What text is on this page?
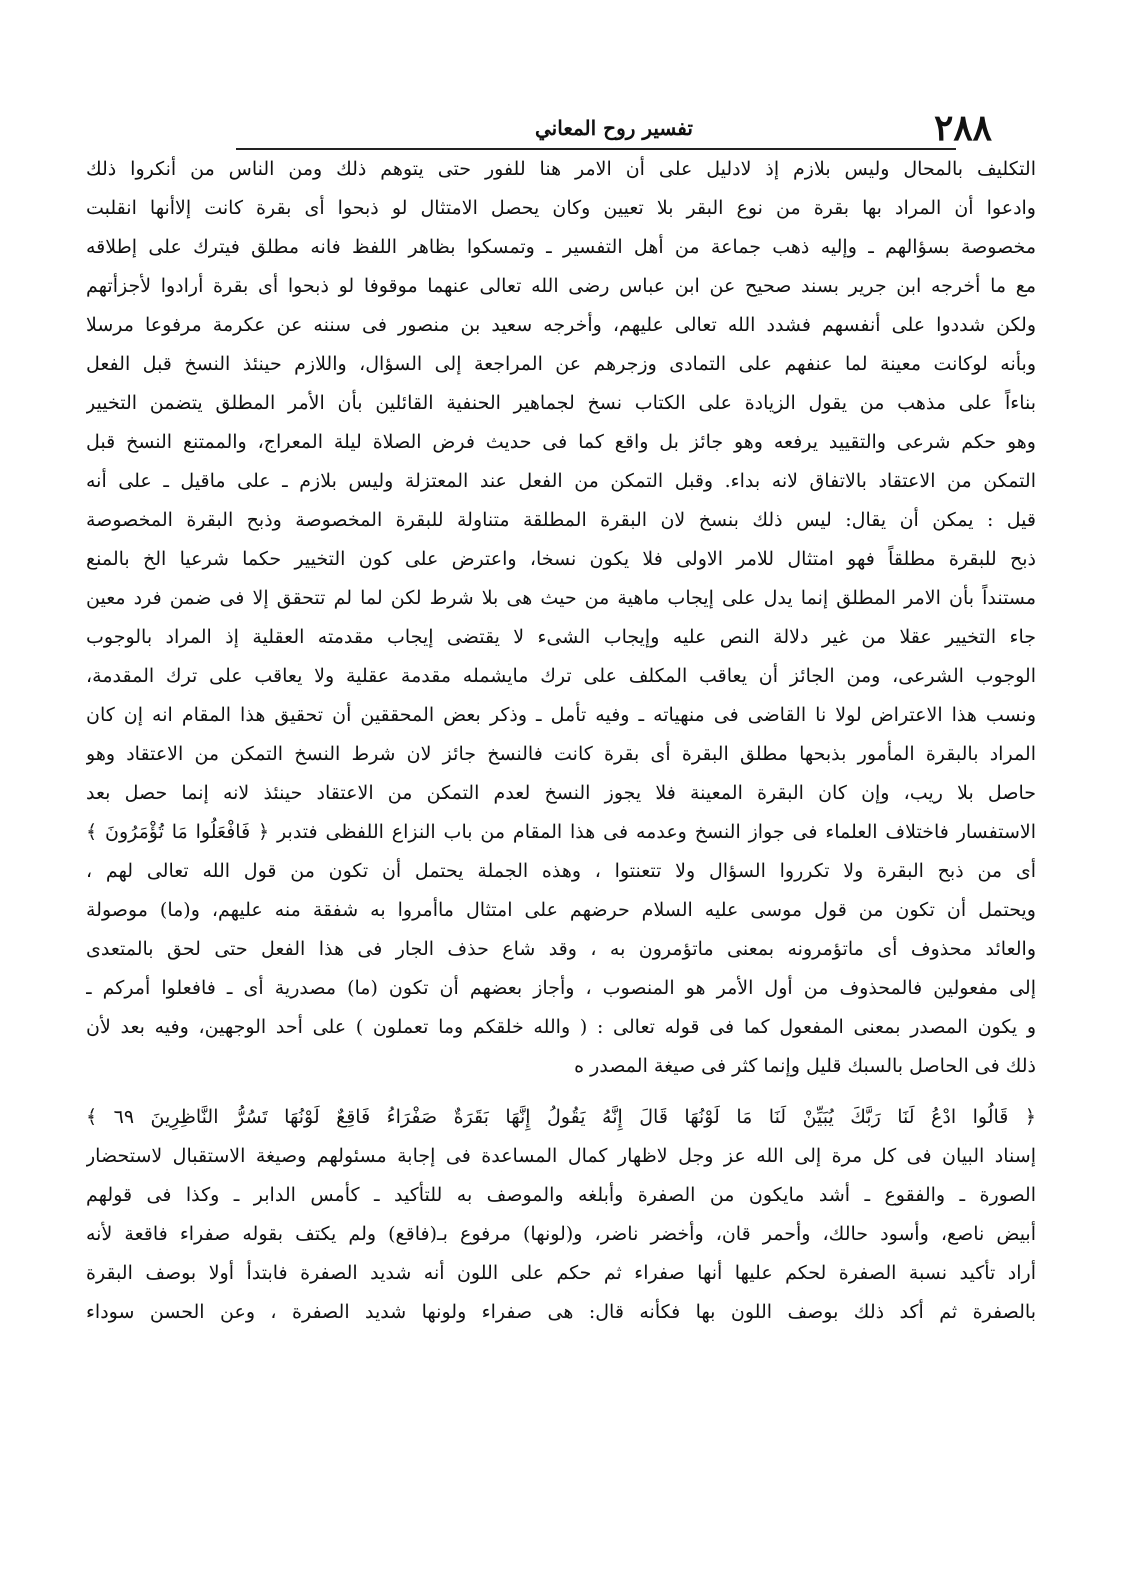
٢٨٨
تفسير روح المعاني
التكليف بالمحال وليس بلازم إذ لادليل على أن الامر هنا للفور حتى يتوهم ذلك ومن الناس من أنكروا ذلك
وادعوا أن المراد بها بقرة من نوع البقر بلا تعيين وكان يحصل الامتثال لو ذبحوا أى بقرة كانت إلاأنها انقلبت
مخصوصة بسؤالهم ـ وإليه ذهب جماعة من أهل التفسير ـ وتمسكوا بظاهر اللفظ فانه مطلق فيترك على إطلاقه
مع ما أخرجه ابن جرير بسند صحيح عن ابن عباس رضى الله تعالى عنهما موقوفا لو ذبحوا أى بقرة أرادوا لأجزأتهم
ولكن شددوا على أنفسهم فشدد الله تعالى عليهم، وأخرجه سعيد بن منصور فى سننه عن عكرمة مرفوعا مرسلا
وبأنه لوكانت معينة لما عنفهم على التمادى وزجرهم عن المراجعة إلى السؤال، واللازم حينئذ النسخ قبل الفعل
بناءاً على مذهب من يقول الزيادة على الكتاب نسخ لجماهير الحنفية القائلين بأن الأمر المطلق يتضمن التخيير
وهو حكم شرعى والتقييد يرفعه وهو جائز بل واقع كما فى حديث فرض الصلاة ليلة المعراج، والممتنع النسخ قبل
التمكن من الاعتقاد بالاتفاق لانه بداء. وقبل التمكن من الفعل عند المعتزلة وليس بلازم ـ على ماقيل ـ على أنه
قيل : يمكن أن يقال: ليس ذلك بنسخ لان البقرة المطلقة متناولة للبقرة المخصوصة وذبح البقرة المخصوصة
ذبح للبقرة مطلقاً فهو امتثال للامر الاولى فلا يكون نسخا، واعترض على كون التخيير حكما شرعيا الخ بالمنع
مستنداً بأن الامر المطلق إنما يدل على إيجاب ماهية من حيث هى بلا شرط لكن لما لم تتحقق إلا فى ضمن فرد معين
جاء التخيير عقلا من غير دلالة النص عليه وإيجاب الشىء لا يقتضى إيجاب مقدمته العقلية إذ المراد بالوجوب
الوجوب الشرعى، ومن الجائز أن يعاقب المكلف على ترك مايشمله مقدمة عقلية ولا يعاقب على ترك المقدمة،
ونسب هذا الاعتراض لولا نا القاضى فى منهياته ـ وفيه تأمل ـ وذكر بعض المحققين أن تحقيق هذا المقام انه إن كان
المراد بالبقرة المأمور بذبحها مطلق البقرة أى بقرة كانت فالنسخ جائز لان شرط النسخ التمكن من الاعتقاد وهو
حاصل بلا ريب، وإن كان البقرة المعينة فلا يجوز النسخ لعدم التمكن من الاعتقاد حينئذ لانه إنما حصل بعد
الاستفسار فاختلاف العلماء فى جواز النسخ وعدمه فى هذا المقام من باب النزاع اللفظى فتدبر ﴿ فَافْعَلُوا مَا تُؤْمَرُونَ ﴾
أى من ذبح البقرة ولا تكرروا السؤال ولا تتعنتوا ، وهذه الجملة يحتمل أن تكون من قول الله تعالى لهم ،
ويحتمل أن تكون من قول موسى عليه السلام حرضهم على امتثال ماأمروا به شفقة منه عليهم، و(ما) موصولة
والعائد محذوف أى ماتؤمرونه بمعنى ماتؤمرون به ، وقد شاع حذف الجار فى هذا الفعل حتى لحق بالمتعدى
إلى مفعولين فالمحذوف من أول الأمر هو المنصوب ، وأجاز بعضهم أن تكون (ما) مصدرية أى ـ فافعلوا أمركم ـ
و يكون المصدر بمعنى المفعول كما فى قوله تعالى : ( والله خلقكم وما تعملون ) على أحد الوجهين، وفيه بعد لأن
ذلك فى الحاصل بالسبك قليل وإنما كثر فى صيغة المصدر ه
﴿ قَالُوا ادْعُ لَنَا رَبَّكَ يُبَيِّنْ لَنَا مَا لَوْنُهَا قَالَ إِنَّهُ يَقُولُ إِنَّهَا بَقَرَةٌ صَفْرَاءُ فَاقِعٌ لَوْنُهَا تَسُرُّ النَّاظِرِينَ ٦٩ ﴾
إسناد البيان فى كل مرة إلى الله عز وجل لاظهار كمال المساعدة فى إجابة مسئولهم وصيغة الاستقبال لاستحضار
الصورة ـ والفقوع ـ أشد مايكون من الصفرة وأبلغه والموصف به للتأكيد ـ كأمس الدابر ـ وكذا فى قولهم
أبيض ناصع، وأسود حالك، وأحمر قان، وأخضر ناضر، و(لونها) مرفوع بـ(فاقع) ولم يكتف بقوله صفراء فاقعة لأنه
أراد تأكيد نسبة الصفرة لحكم عليها أنها صفراء ثم حكم على اللون أنه شديد الصفرة فابتدأ أولا بوصف البقرة
بالصفرة ثم أكد ذلك بوصف اللون بها فكأنه قال: هى صفراء ولونها شديد الصفرة ، وعن الحسن سوداء
